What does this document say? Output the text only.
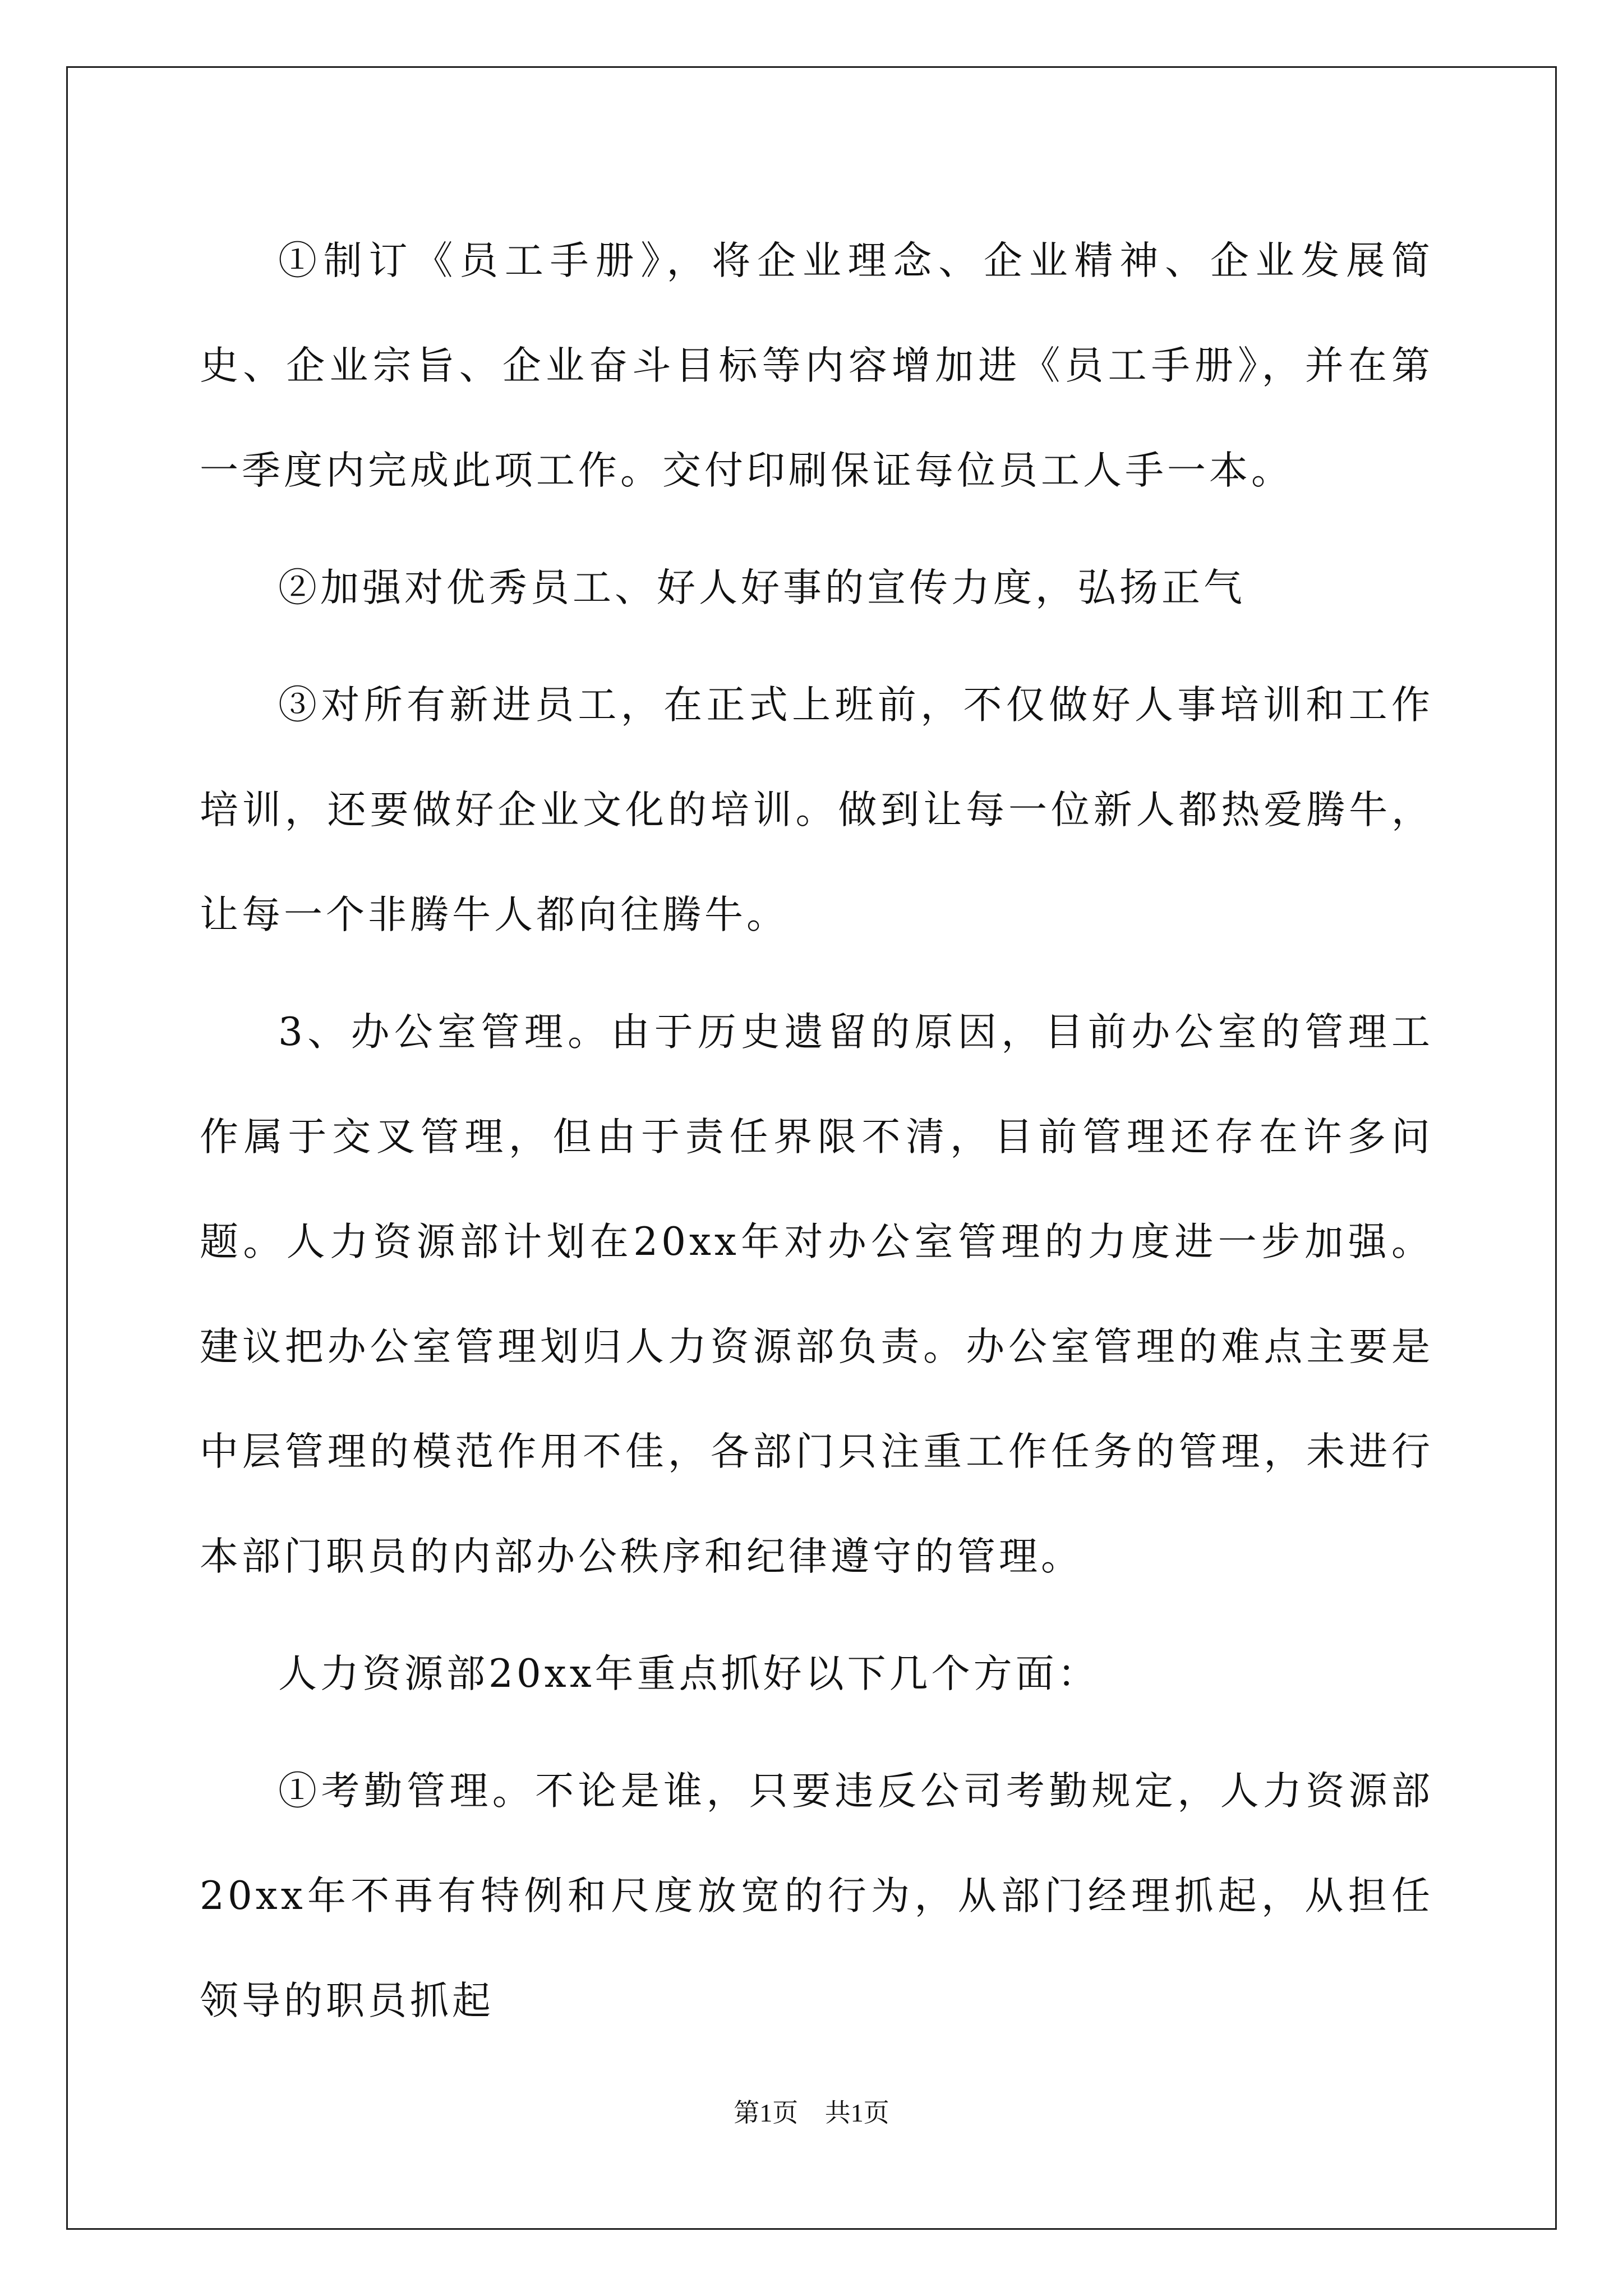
①制订《员工手册》，将企业理念、企业精神、企业发展简史、企业宗旨、企业奋斗目标等内容增加进《员工手册》，并在第一季度内完成此项工作。交付印刷保证每位员工人手一本。

②加强对优秀员工、好人好事的宣传力度，弘扬正气

③对所有新进员工，在正式上班前，不仅做好人事培训和工作培训，还要做好企业文化的培训。做到让每一位新人都热爱腾牛，让每一个非腾牛人都向往腾牛。

3、办公室管理。由于历史遗留的原因，目前办公室的管理工作属于交叉管理，但由于责任界限不清，目前管理还存在许多问题。人力资源部计划在20xx年对办公室管理的力度进一步加强。建议把办公室管理划归人力资源部负责。办公室管理的难点主要是中层管理的模范作用不佳，各部门只注重工作任务的管理，未进行本部门职员的内部办公秩序和纪律遵守的管理。

人力资源部20xx年重点抓好以下几个方面：

①考勤管理。不论是谁，只要违反公司考勤规定，人力资源部20xx年不再有特例和尺度放宽的行为，从部门经理抓起，从担任领导的职员抓起

第1页 共1页
